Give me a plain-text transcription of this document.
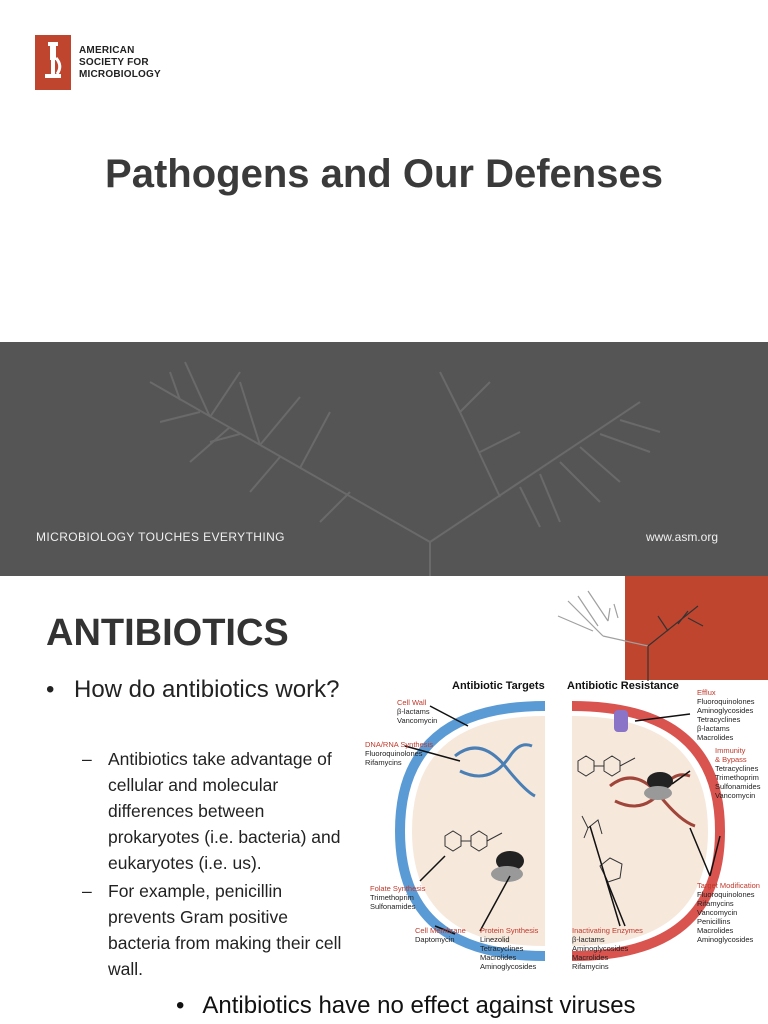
AMERICAN
SOCIETY FOR
MICROBIOLOGY
Pathogens and Our Defenses
MICROBIOLOGY TOUCHES EVERYTHING	www.asm.org
ANTIBIOTICS
• How do antibiotics work?
– Antibiotics take advantage of cellular and molecular differences between prokaryotes (i.e. bacteria) and eukaryotes (i.e. us).
– For example, penicillin prevents Gram positive bacteria from making their cell wall.
Antibiotic Targets Antibiotic Resistance
Cell Wall
β-lactams
Vancomycin
DNA/RNA Synthesis
Fluoroquinolones
Rifamycins
Folate Synthesis
Trimethoprim
Sulfonamides
Cell Membrane
Daptomycin
Protein Synthesis
Linezolid
Tetracyclines
Macrolides
Aminoglycosides
Efflux
Fluoroquinolones
Aminoglycosides
Tetracyclines
β-lactams
Macrolides
Immunity
& Bypass
Tetracyclines
Trimethoprim
Sulfonamides
Vancomycin
Target Modification
Fluoroquinolones
Rifamycins
Vancomycin
Penicillins
Macrolides
Aminoglycosides
Inactivating Enzymes
β-lactams
Aminoglycosides
Macrolides
Rifamycins
• Antibiotics have no effect against viruses
